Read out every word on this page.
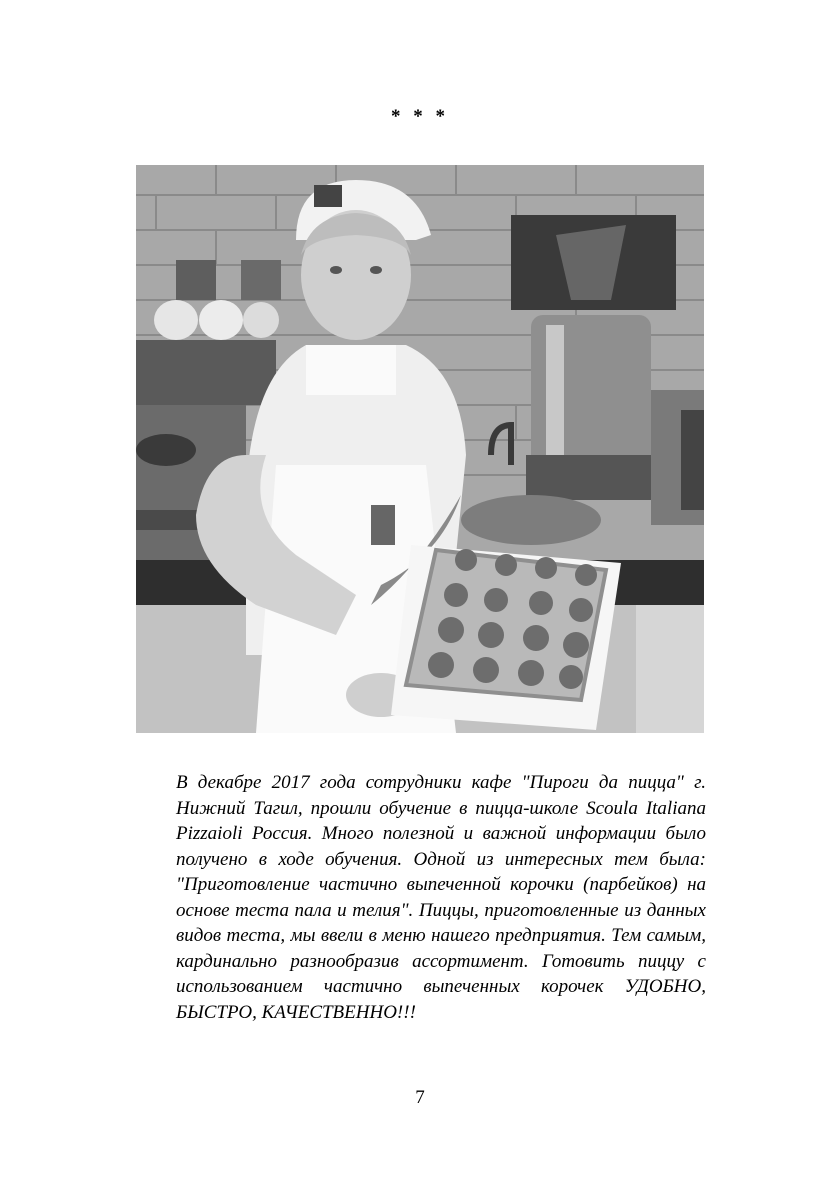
* * *
В декабре 2017 года сотрудники кафе "Пироги да пицца" г. Нижний Тагил, прошли обучение в пицца-школе Scoula Italiana Pizzaioli Россия. Много полезной и важной информации было получено в ходе обучения. Одной из интересных тем была: "Приготовление частично выпеченной корочки (парбейков) на основе теста пала и телия". Пиццы, приготовленные из данных видов теста, мы ввели в меню нашего предприятия. Тем самым, кардинально разнообразив ассортимент. Готовить пиццу с использованием частично выпеченных корочек УДОБНО, БЫСТРО, КАЧЕСТВЕННО!!!
7
